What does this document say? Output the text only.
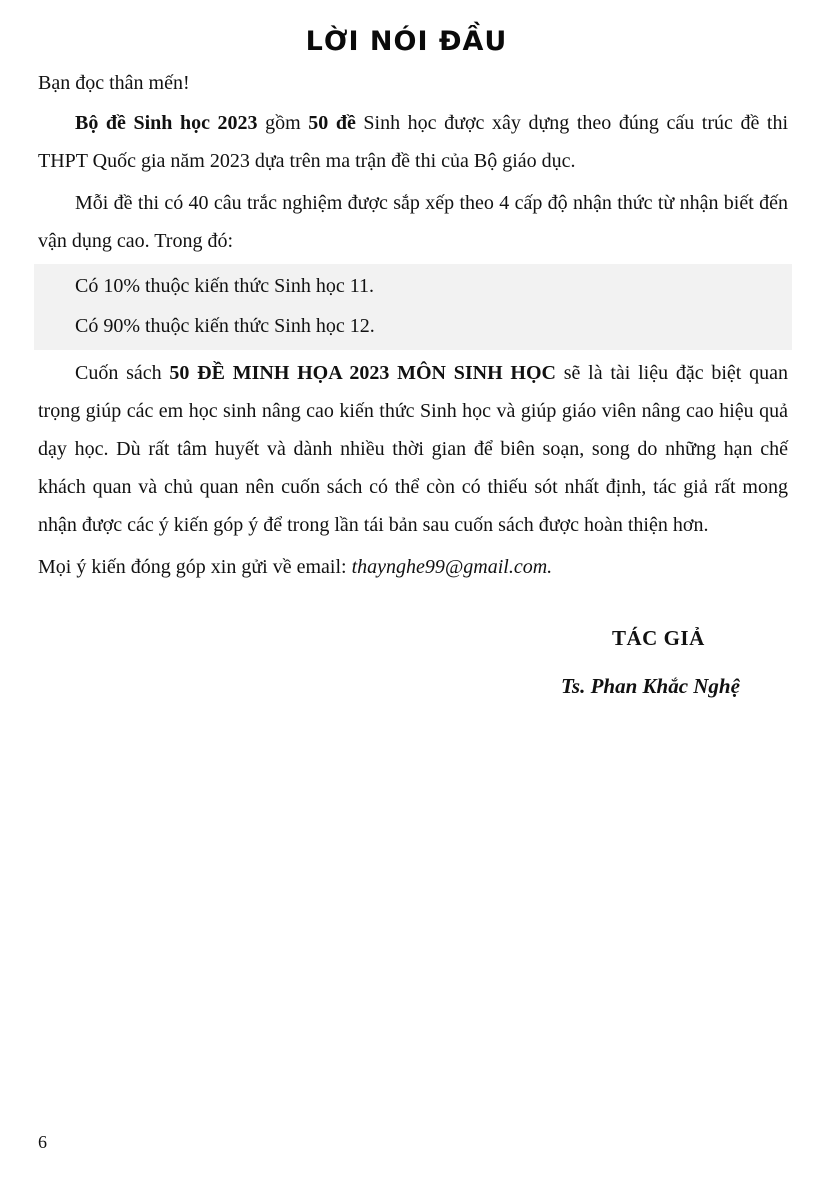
LỜI NÓI ĐẦU

Bạn đọc thân mến!

Bộ đề Sinh học 2023 gồm 50 đề Sinh học được xây dựng theo đúng cấu trúc đề thi THPT Quốc gia năm 2023 dựa trên ma trận đề thi của Bộ giáo dục.

Mỗi đề thi có 40 câu trắc nghiệm được sắp xếp theo 4 cấp độ nhận thức từ nhận biết đến vận dụng cao. Trong đó:

Có 10% thuộc kiến thức Sinh học 11.

Có 90% thuộc kiến thức Sinh học 12.

Cuốn sách 50 ĐỀ MINH HỌA 2023 MÔN SINH HỌC sẽ là tài liệu đặc biệt quan trọng giúp các em học sinh nâng cao kiến thức Sinh học và giúp giáo viên nâng cao hiệu quả dạy học. Dù rất tâm huyết và dành nhiều thời gian để biên soạn, song do những hạn chế khách quan và chủ quan nên cuốn sách có thể còn có thiếu sót nhất định, tác giả rất mong nhận được các ý kiến góp ý để trong lần tái bản sau cuốn sách được hoàn thiện hơn.

Mọi ý kiến đóng góp xin gửi về email: thaynghe99@gmail.com.

TÁC GIẢ
Ts. Phan Khắc Nghệ
6
